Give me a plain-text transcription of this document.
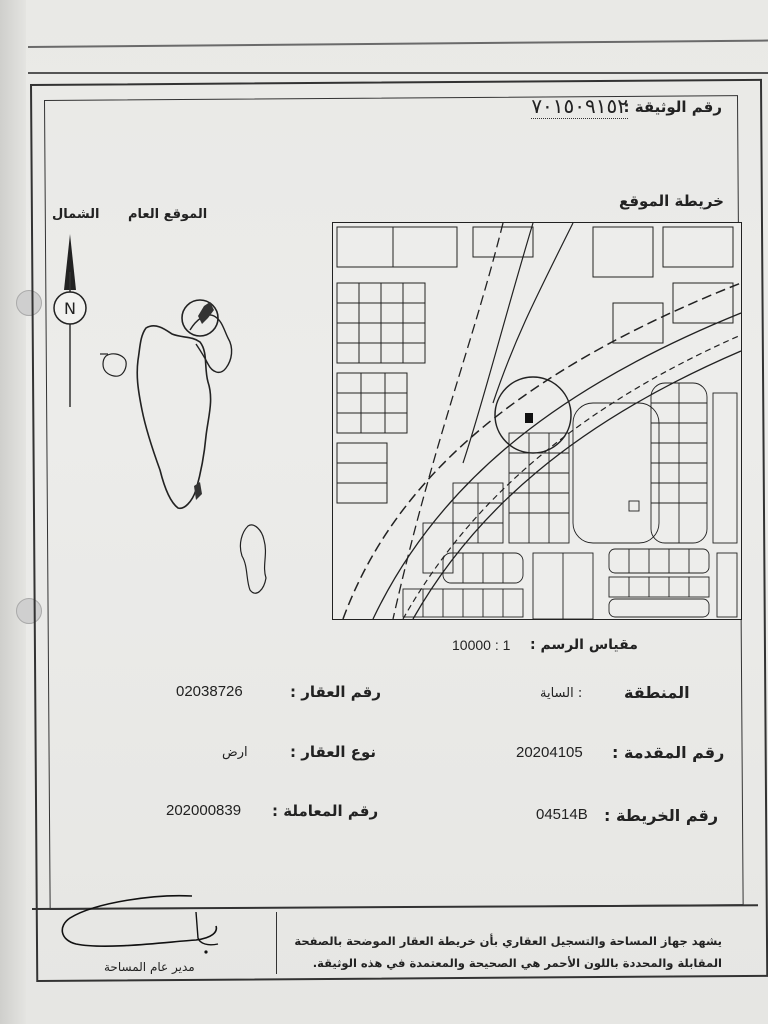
رقم الوثيقة :
٧٠١٥٠٩١٥٢
خريطة الموقع
الموقع العام
الشمال
N
مقياس الرسم :
10000 : 1
رقم العقار :
02038726	المنطقة
: الساية
نوع العقار :
ارض	رقم المقدمة :
20204105
رقم المعاملة :
202000839	رقم الخريطة :
04514B
يشهد جهاز المساحة والتسجيل العقاري بأن خريطة العقار الموضحة بالصفحة
المقابلة والمحددة باللون الأحمر هي الصحيحة والمعتمدة في هذه الوثيقة.
مدير عام المساحة
